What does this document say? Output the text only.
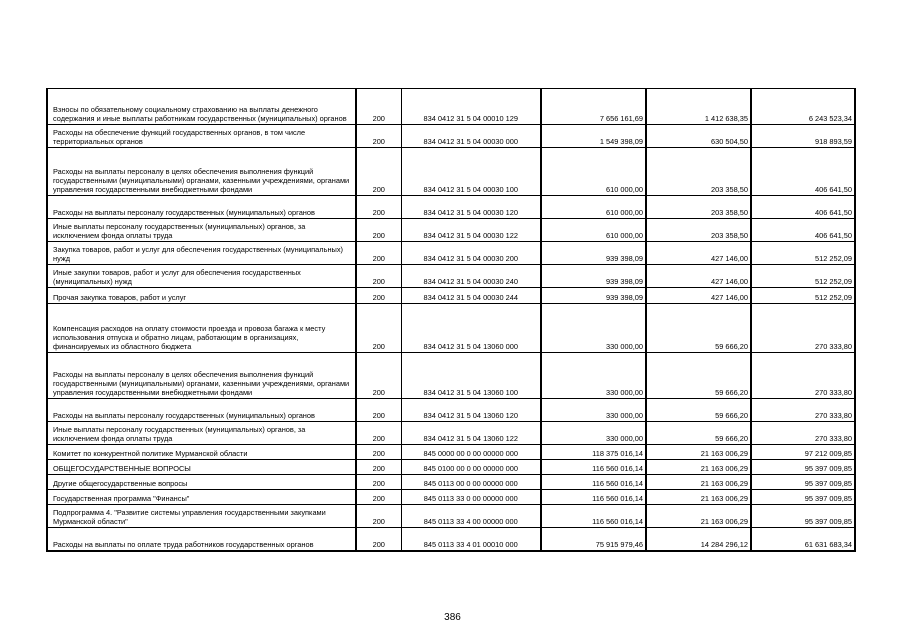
Взносы по обязательному социальному страхованию на выплаты денежного содержания и иные выплаты работникам государственных (муниципальных) органов	200	834 0412 31 5 04 00010 129	7 656 161,69	1 412 638,35	6 243 523,34
Расходы на обеспечение функций государственных органов, в том числе территориальных органов	200	834 0412 31 5 04 00030 000	1 549 398,09	630 504,50	918 893,59
Расходы на выплаты персоналу в целях обеспечения выполнения функций государственными (муниципальными) органами, казенными учреждениями, органами управления государственными внебюджетными фондами	200	834 0412 31 5 04 00030 100	610 000,00	203 358,50	406 641,50
Расходы на выплаты персоналу государственных (муниципальных) органов	200	834 0412 31 5 04 00030 120	610 000,00	203 358,50	406 641,50
Иные выплаты персоналу государственных (муниципальных) органов, за исключением фонда оплаты труда	200	834 0412 31 5 04 00030 122	610 000,00	203 358,50	406 641,50
Закупка товаров, работ и услуг для обеспечения государственных (муниципальных) нужд	200	834 0412 31 5 04 00030 200	939 398,09	427 146,00	512 252,09
Иные закупки товаров, работ и услуг для обеспечения государственных (муниципальных) нужд	200	834 0412 31 5 04 00030 240	939 398,09	427 146,00	512 252,09
Прочая закупка товаров, работ и услуг	200	834 0412 31 5 04 00030 244	939 398,09	427 146,00	512 252,09
Компенсация расходов на оплату стоимости проезда и провоза багажа к месту использования отпуска и обратно лицам, работающим в организациях, финансируемых из областного бюджета	200	834 0412 31 5 04 13060 000	330 000,00	59 666,20	270 333,80
Расходы на выплаты персоналу в целях обеспечения выполнения функций государственными (муниципальными) органами, казенными учреждениями, органами управления государственными внебюджетными фондами	200	834 0412 31 5 04 13060 100	330 000,00	59 666,20	270 333,80
Расходы на выплаты персоналу государственных (муниципальных) органов	200	834 0412 31 5 04 13060 120	330 000,00	59 666,20	270 333,80
Иные выплаты персоналу государственных (муниципальных) органов, за исключением фонда оплаты труда	200	834 0412 31 5 04 13060 122	330 000,00	59 666,20	270 333,80
Комитет по конкурентной политике Мурманской области	200	845 0000 00 0 00 00000 000	118 375 016,14	21 163 006,29	97 212 009,85
ОБЩЕГОСУДАРСТВЕННЫЕ ВОПРОСЫ	200	845 0100 00 0 00 00000 000	116 560 016,14	21 163 006,29	95 397 009,85
Другие общегосударственные вопросы	200	845 0113 00 0 00 00000 000	116 560 016,14	21 163 006,29	95 397 009,85
Государственная программа "Финансы"	200	845 0113 33 0 00 00000 000	116 560 016,14	21 163 006,29	95 397 009,85
Подпрограмма 4. "Развитие системы управления государственными закупками Мурманской области"	200	845 0113 33 4 00 00000 000	116 560 016,14	21 163 006,29	95 397 009,85
Расходы на выплаты по оплате труда работников государственных органов	200	845 0113 33 4 01 00010 000	75 915 979,46	14 284 296,12	61 631 683,34
386
